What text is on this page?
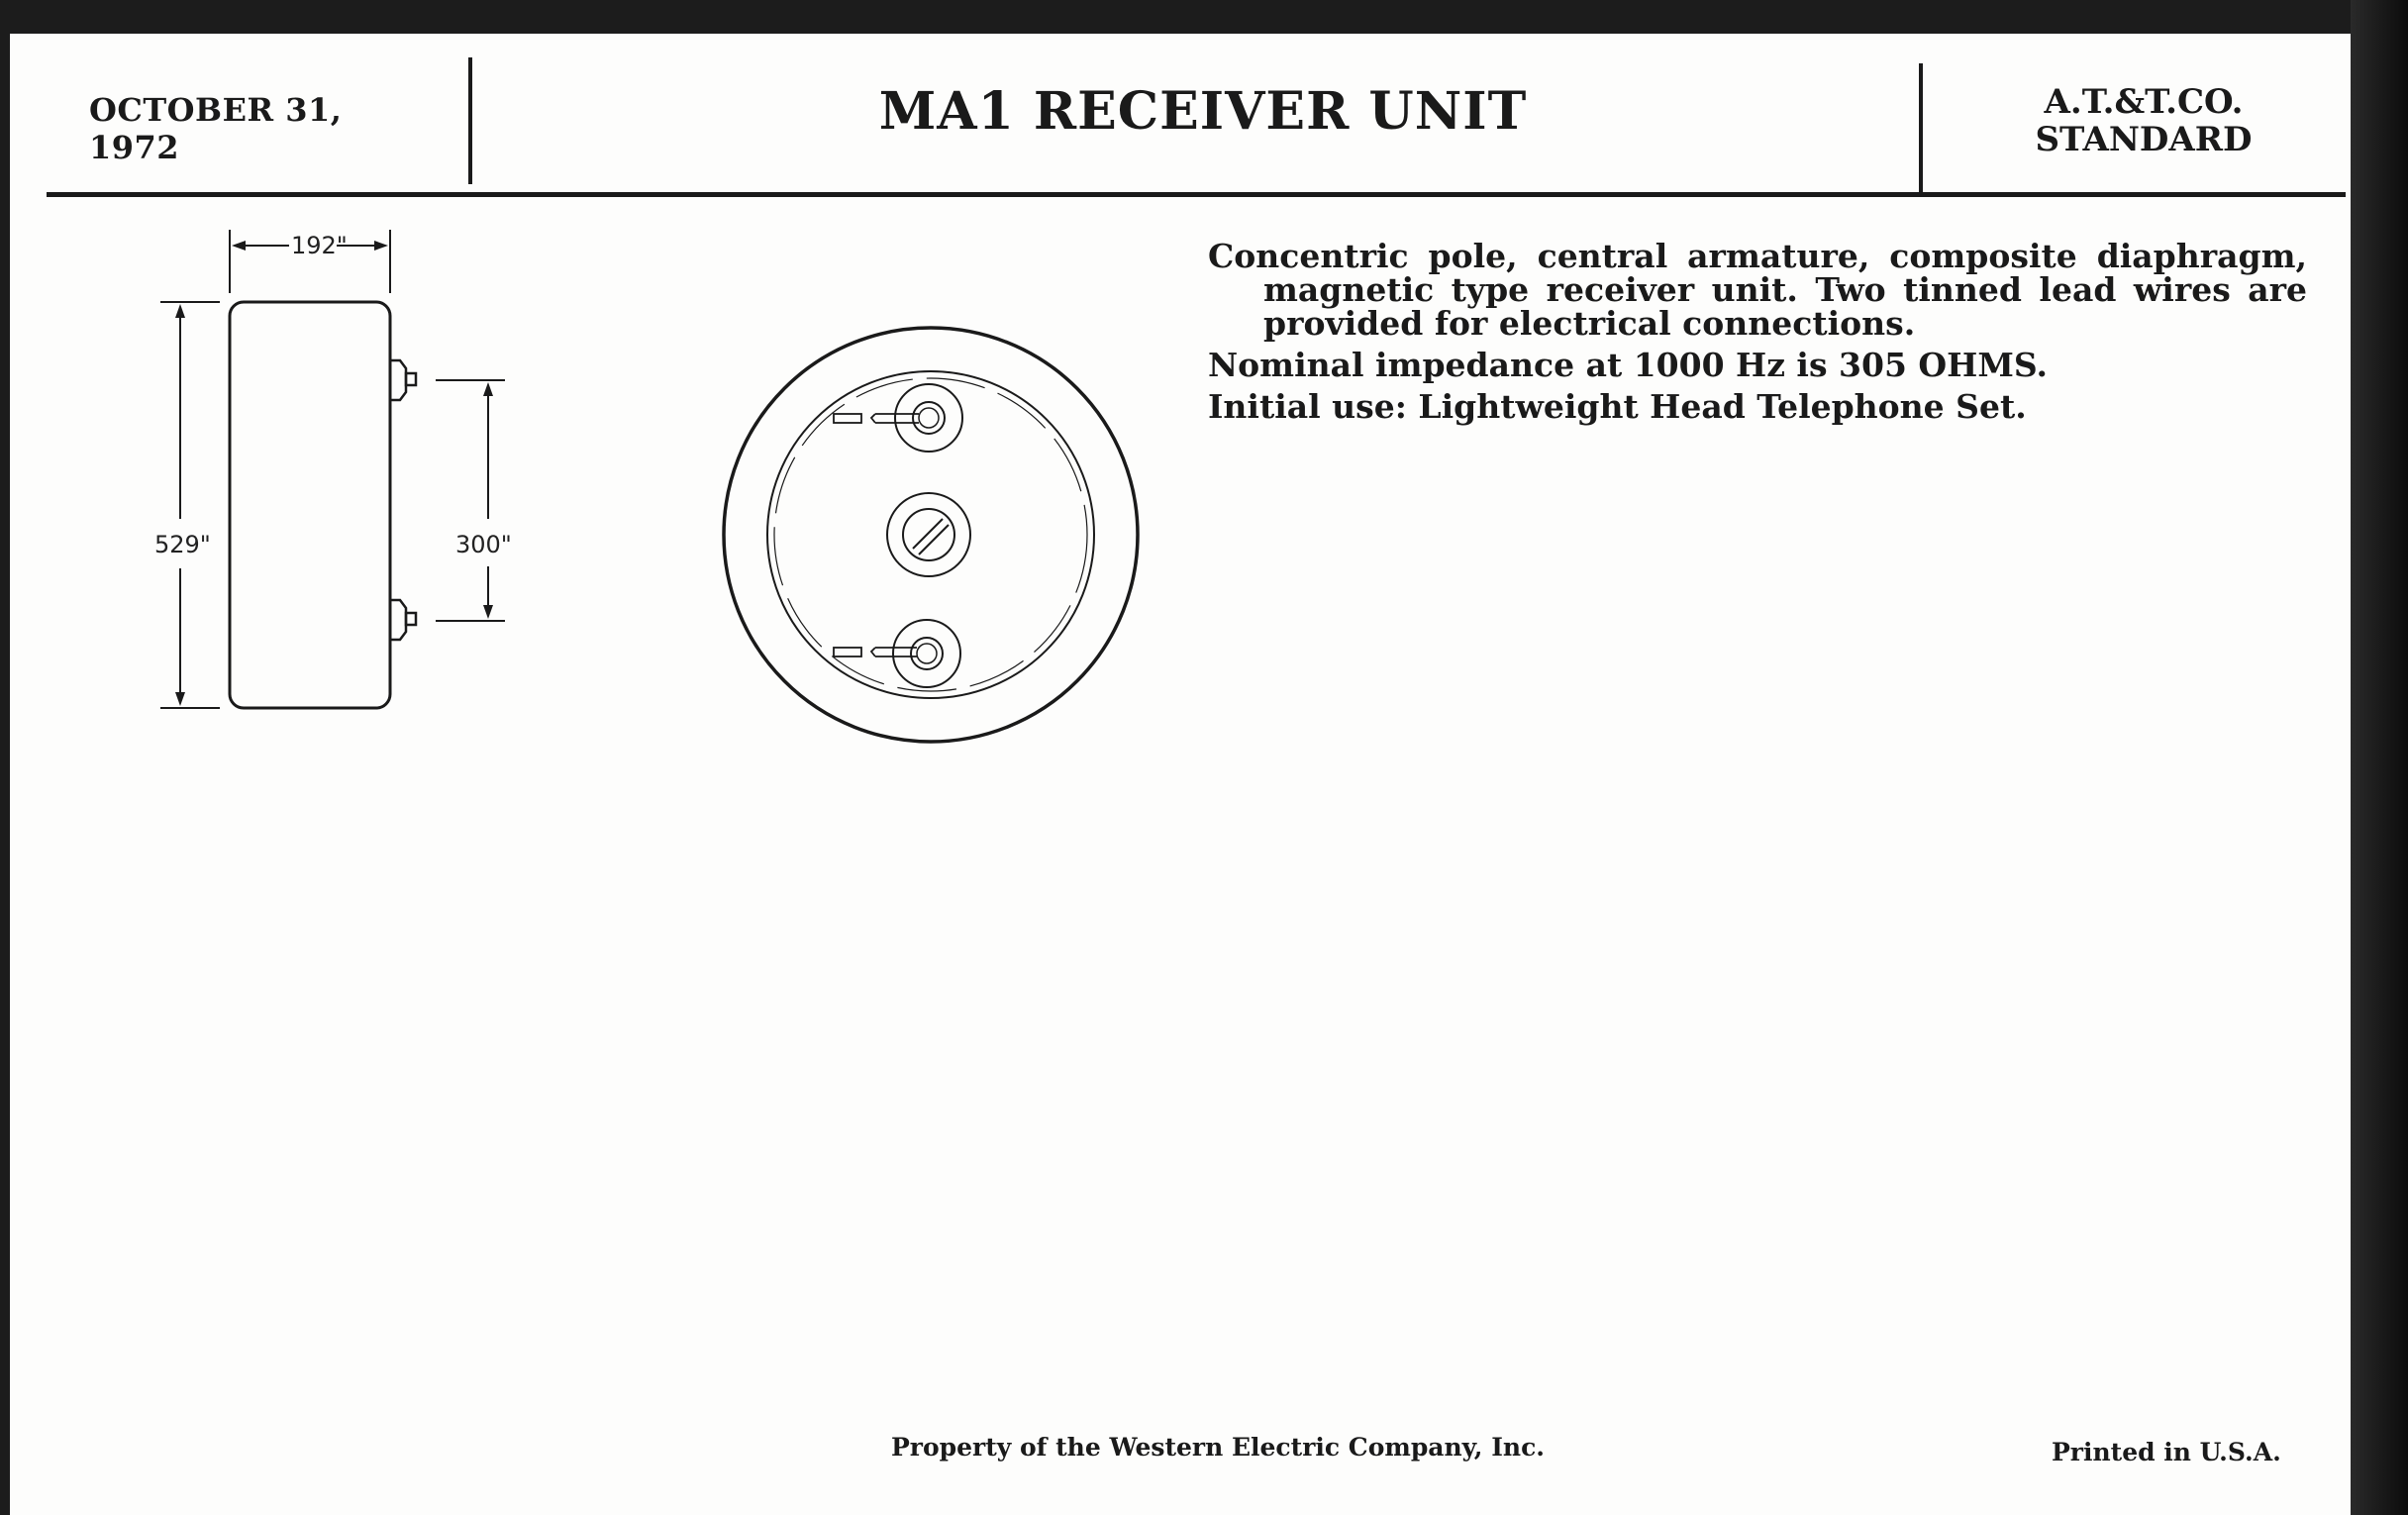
OCTOBER 31, 1972
MA1 RECEIVER UNIT	A.T.&T.CO.
STANDARD
192"
529"	300"

Concentric pole, central armature, composite diaphragm, magnetic type receiver unit. Two tinned lead wires are provided for electrical connections.

Nominal impedance at 1000 Hz is 305 OHMS.

Initial use: Lightweight Head Telephone Set.

Property of the Western Electric Company, Inc.	Printed in U.S.A.
